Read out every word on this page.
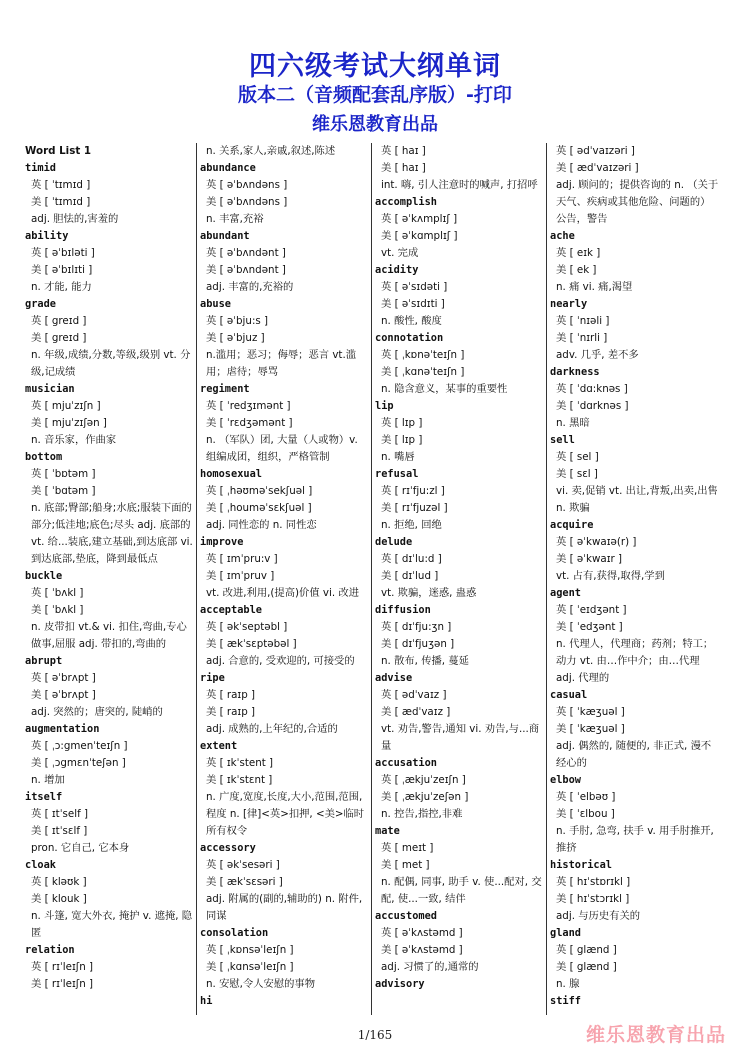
四六级考试大纲单词
版本二（音频配套乱序版）-打印
维乐恩教育出品
Word List 1
timid
英 [ ˈtɪmɪd ]
美 [ ˈtɪmɪd ]
adj. 胆怯的,害羞的
ability
英 [ əˈbɪləti ]
美 [ əˈbɪlɪti ]
n. 才能, 能力
grade
英 [ greɪd ]
美 [ greɪd ]
n. 年级,成绩,分数,等级,级别 vt. 分级,记成绩
musician
英 [ mjuˈzɪʃn ]
美 [ mjuˈzɪʃən ]
n. 音乐家，作曲家
bottom
英 [ ˈbɒtəm ]
美 [ ˈbɑtəm ]
n. 底部;臀部;船身;水底;服装下面的部分;低洼地;底色;尽头 adj. 底部的 vt. 给...装底,建立基础,到达底部 vi. 到达底部,垫底，降到最低点
buckle
英 [ ˈbʌkl ]
美 [ ˈbʌkl ]
n. 皮带扣 vt.& vi. 扣住,弯曲,专心做事,屈服 adj. 带扣的,弯曲的
abrupt
英 [ əˈbrʌpt ]
美 [ əˈbrʌpt ]
adj. 突然的；唐突的, 陡峭的
augmentation
英 [ ˌɔ:gmenˈteɪʃn ]
美 [ ˌɔgmɛnˈteʃən ]
n. 增加
itself
英 [ ɪtˈself ]
美 [ ɪtˈsɛlf ]
pron. 它自己, 它本身
cloak
英 [ kləʊk ]
美 [ klouk ]
n. 斗篷, 宽大外衣, 掩护 v. 遮掩, 隐匿
relation
英 [ rɪˈleɪʃn ]
美 [ rɪˈleɪʃn ]
n. 关系,家人,亲戚,叙述,陈述
abundance
英 [ əˈbʌndəns ]
美 [ əˈbʌndəns ]
n. 丰富,充裕
abundant
英 [ əˈbʌndənt ]
美 [ əˈbʌndənt ]
adj. 丰富的,充裕的
abuse
英 [ əˈbju:s ]
美 [ əˈbjuz ]
n.滥用；恶习；侮辱；恶言 vt.滥用；虐待；辱骂
regiment
英 [ ˈredʒɪmənt ]
美 [ ˈrɛdʒəmənt ]
n. （军队）团, 大量（人或物）v. 组编成团，组织，严格管制
homosexual
英 [ ˌhəʊməˈsekʃuəl ]
美 [ ˌhouməˈsɛkʃuəl ]
adj. 同性恋的 n. 同性恋
improve
英 [ ɪmˈpru:v ]
美 [ ɪmˈpruv ]
vt. 改进,利用,(提高)价值 vi. 改进
acceptable
英 [ əkˈseptəbl ]
美 [ ækˈsɛptəbəl ]
adj. 合意的, 受欢迎的, 可接受的
ripe
英 [ raɪp ]
美 [ raɪp ]
adj. 成熟的,上年纪的,合适的
extent
英 [ ɪkˈstent ]
美 [ ɪkˈstɛnt ]
n. 广度,宽度,长度,大小,范围,范围,程度 n. [律]<英>扣押, <美>临时所有权令
accessory
英 [ əkˈsesəri ]
美 [ ækˈsɛsəri ]
adj. 附属的(副的,辅助的) n. 附件, 同谋
consolation
英 [ ˌkɒnsəˈleɪʃn ]
美 [ ˌkɑnsəˈleɪʃn ]
n. 安慰,令人安慰的事物
hi
英 [ haɪ ]
美 [ haɪ ]
int. 嗨, 引人注意时的喊声, 打招呼
accomplish
英 [ əˈkʌmplɪʃ ]
美 [ əˈkɑmplɪʃ ]
vt. 完成
acidity
英 [ əˈsɪdəti ]
美 [ əˈsɪdɪti ]
n. 酸性, 酸度
connotation
英 [ ˌkɒnəˈteɪʃn ]
美 [ ˌkɑnəˈteɪʃn ]
n. 隐含意义，某事的重要性
lip
英 [ lɪp ]
美 [ lɪp ]
n. 嘴唇
refusal
英 [ rɪˈfju:zl ]
美 [ rɪˈfjuzəl ]
n. 拒绝, 回绝
delude
英 [ dɪˈlu:d ]
美 [ dɪˈlud ]
vt. 欺骗，迷惑, 蛊惑
diffusion
英 [ dɪˈfju:ʒn ]
美 [ dɪˈfjuʒən ]
n. 散布, 传播, 蔓延
advise
英 [ ədˈvaɪz ]
美 [ ædˈvaɪz ]
vt. 劝告,警告,通知 vi. 劝告,与...商量
accusation
英 [ ˌækjuˈzeɪʃn ]
美 [ ˌækjuˈzeʃən ]
n. 控告,指控,非难
mate
英 [ meɪt ]
美 [ met ]
n. 配偶, 同事, 助手 v. 使...配对, 交配, 使...一致, 结伴
accustomed
英 [ əˈkʌstəmd ]
美 [ əˈkʌstəmd ]
adj. 习惯了的,通常的
advisory
英 [ ədˈvaɪzəri ]
美 [ ædˈvaɪzəri ]
adj. 顾问的；提供咨询的 n. （关于天气、疾病或其他危险、问题的）公告，警告
ache
英 [ eɪk ]
美 [ ek ]
n. 痛 vi. 痛,渴望
nearly
英 [ ˈnɪəli ]
美 [ ˈnɪrli ]
adv. 几乎, 差不多
darkness
英 [ ˈdɑ:knəs ]
美 [ ˈdɑrknəs ]
n. 黑暗
sell
英 [ sel ]
美 [ sɛl ]
vi. 卖,促销 vt. 出让,背叛,出卖,出售 n. 欺骗
acquire
英 [ əˈkwaɪə(r) ]
美 [ əˈkwaɪr ]
vt. 占有,获得,取得,学到
agent
英 [ ˈeɪdʒənt ]
美 [ ˈedʒənt ]
n. 代理人，代理商；药剂；特工；动力 vt. 由…作中介；由…代理 adj. 代理的
casual
英 [ ˈkæʒuəl ]
美 [ ˈkæʒuəl ]
adj. 偶然的, 随便的, 非正式, 漫不经心的
elbow
英 [ ˈelbəʊ ]
美 [ ˈɛlbou ]
n. 手肘, 急弯, 扶手 v. 用手肘推开, 推挤
historical
英 [ hɪˈstɒrɪkl ]
美 [ hɪˈstɔrɪkl ]
adj. 与历史有关的
gland
英 [ glænd ]
美 [ glænd ]
n. 腺
stiff
1/165	维乐恩教育出品
